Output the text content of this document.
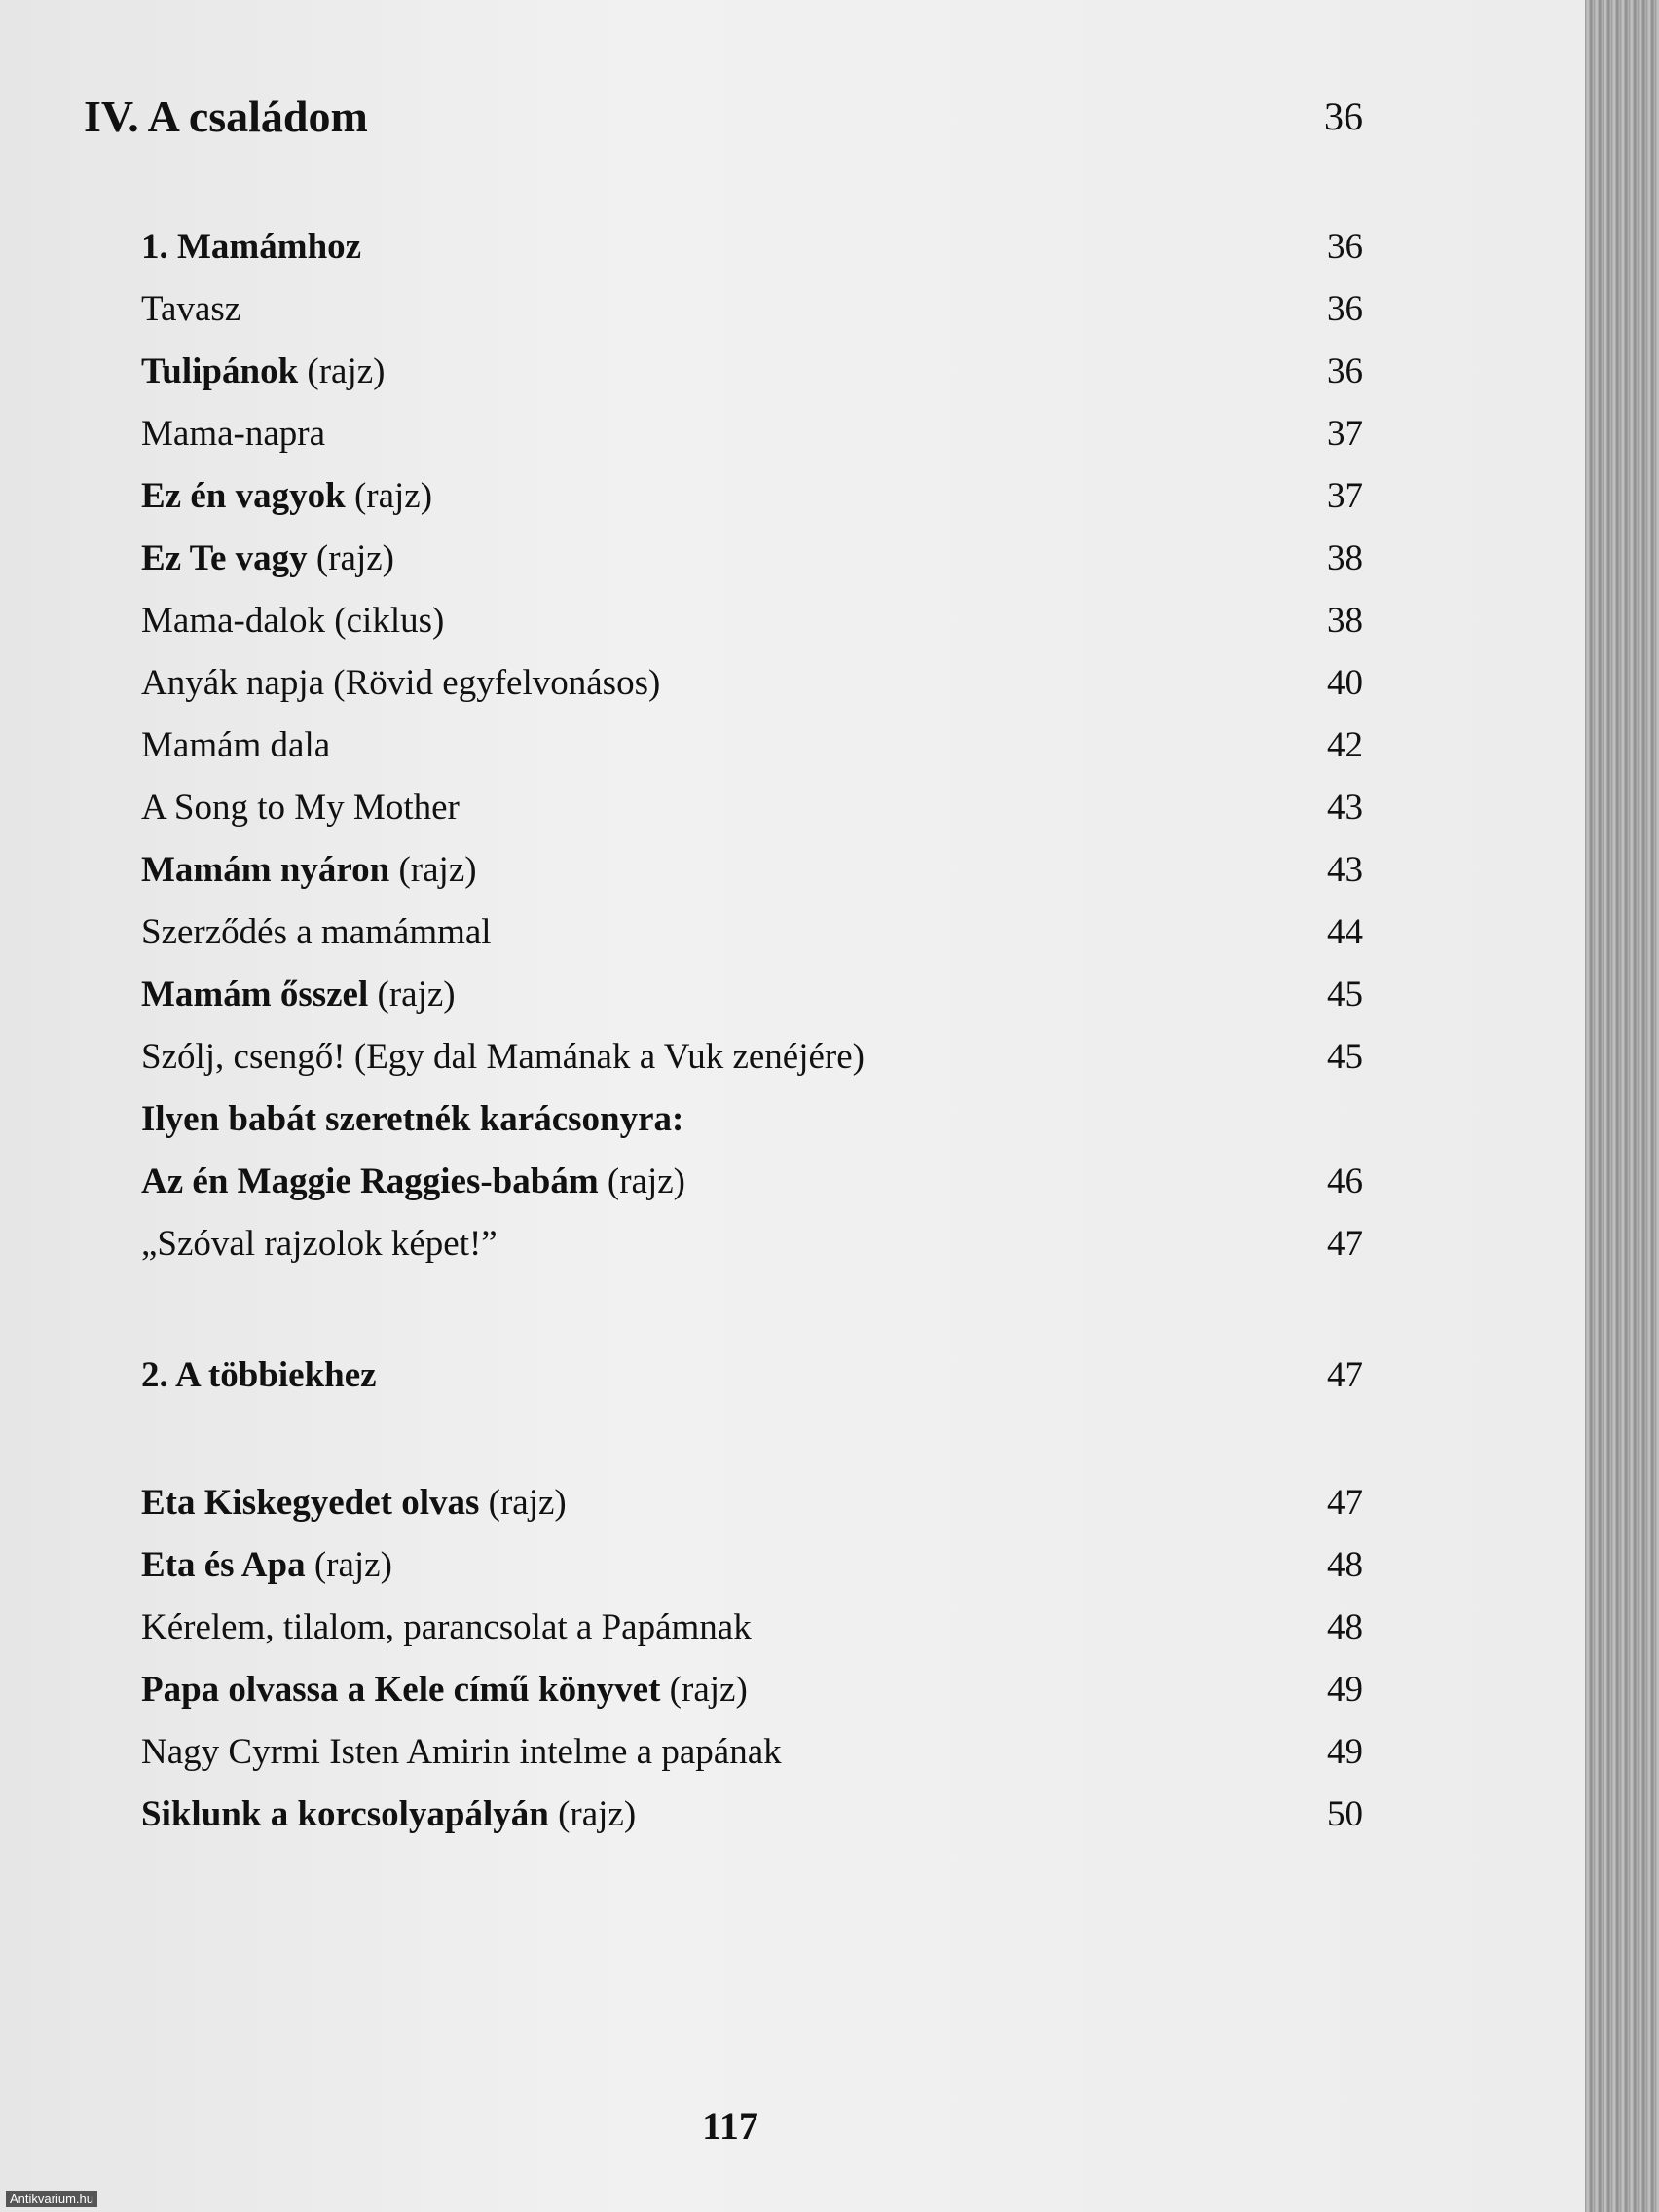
IV. A családom	36
1. Mamámhoz	36
Tavasz	36
Tulipánok (rajz)	36
Mama-napra	37
Ez én vagyok (rajz)	37
Ez Te vagy (rajz)	38
Mama-dalok (ciklus)	38
Anyák napja (Rövid egyfelvonásos)	40
Mamám dala	42
A Song to My Mother	43
Mamám nyáron (rajz)	43
Szerződés a mamámmal	44
Mamám ősszel (rajz)	45
Szólj, csengő! (Egy dal Mamának a Vuk zenéjére)	45
Ilyen babát szeretnék karácsonyra:
Az én Maggie Raggies-babám (rajz)	46
„Szóval rajzolok képet!”	47
2. A többiekhez	47
Eta Kiskegyedet olvas (rajz)	47
Eta és Apa (rajz)	48
Kérelem, tilalom, parancsolat a Papámnak	48
Papa olvassa a Kele című könyvet (rajz)	49
Nagy Cyrmi Isten Amirin intelme a papának	49
Siklunk a korcsolyapályán (rajz)	50
117
Antikvarium.hu
